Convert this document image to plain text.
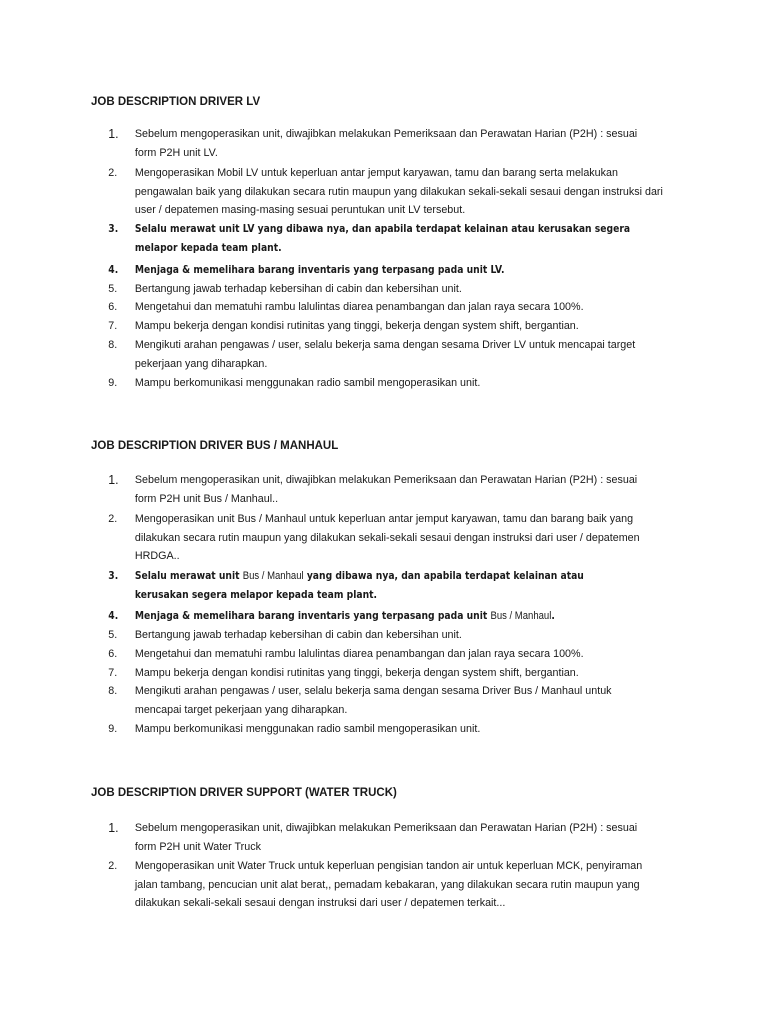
JOB DESCRIPTION DRIVER LV
1.	Sebelum mengoperasikan unit, diwajibkan melakukan Pemeriksaan dan Perawatan Harian (P2H) : sesuai form P2H unit LV.
2.	Mengoperasikan Mobil LV untuk keperluan antar jemput karyawan, tamu dan barang serta melakukan pengawalan baik yang dilakukan secara rutin maupun yang dilakukan sekali-sekali sesaui dengan instruksi dari user / depatemen masing-masing sesuai peruntukan unit LV tersebut.
3.	Selalu merawat unit LV yang dibawa nya, dan apabila terdapat kelainan atau kerusakan segera melapor kepada team plant.
4.	Menjaga & memelihara barang inventaris yang terpasang pada unit LV.
5.	Bertangung jawab terhadap kebersihan di cabin dan kebersihan unit.
6.	Mengetahui dan mematuhi rambu lalulintas diarea penambangan dan jalan raya secara 100%.
7.	Mampu bekerja dengan kondisi rutinitas yang tinggi, bekerja dengan system shift, bergantian.
8.	Mengikuti arahan pengawas / user, selalu bekerja sama dengan sesama Driver LV untuk mencapai target pekerjaan yang diharapkan.
9.	Mampu berkomunikasi menggunakan radio sambil mengoperasikan unit.
JOB DESCRIPTION DRIVER BUS / MANHAUL
1.	Sebelum mengoperasikan unit, diwajibkan melakukan Pemeriksaan dan Perawatan Harian (P2H) : sesuai form P2H unit Bus / Manhaul..
2.	Mengoperasikan unit Bus / Manhaul untuk keperluan antar jemput karyawan, tamu dan barang baik yang dilakukan secara rutin maupun yang dilakukan sekali-sekali sesaui dengan instruksi dari user / depatemen HRDGA..
3.	Selalu merawat unit Bus / Manhaul yang dibawa nya, dan apabila terdapat kelainan atau kerusakan segera melapor kepada team plant.
4.	Menjaga & memelihara barang inventaris yang terpasang pada unit Bus / Manhaul.
5.	Bertangung jawab terhadap kebersihan di cabin dan kebersihan unit.
6.	Mengetahui dan mematuhi rambu lalulintas diarea penambangan dan jalan raya secara 100%.
7.	Mampu bekerja dengan kondisi rutinitas yang tinggi, bekerja dengan system shift, bergantian.
8.	Mengikuti arahan pengawas / user, selalu bekerja sama dengan sesama Driver Bus / Manhaul untuk mencapai target pekerjaan yang diharapkan.
9.	Mampu berkomunikasi menggunakan radio sambil mengoperasikan unit.
JOB DESCRIPTION DRIVER SUPPORT (WATER TRUCK)
1.	Sebelum mengoperasikan unit, diwajibkan melakukan Pemeriksaan dan Perawatan Harian (P2H) : sesuai form P2H unit Water Truck
2.	Mengoperasikan unit Water Truck untuk keperluan pengisian tandon air untuk keperluan MCK, penyiraman jalan tambang, pencucian unit alat berat,, pemadam kebakaran, yang dilakukan secara rutin maupun yang dilakukan sekali-sekali sesaui dengan instruksi dari user / depatemen terkait...
